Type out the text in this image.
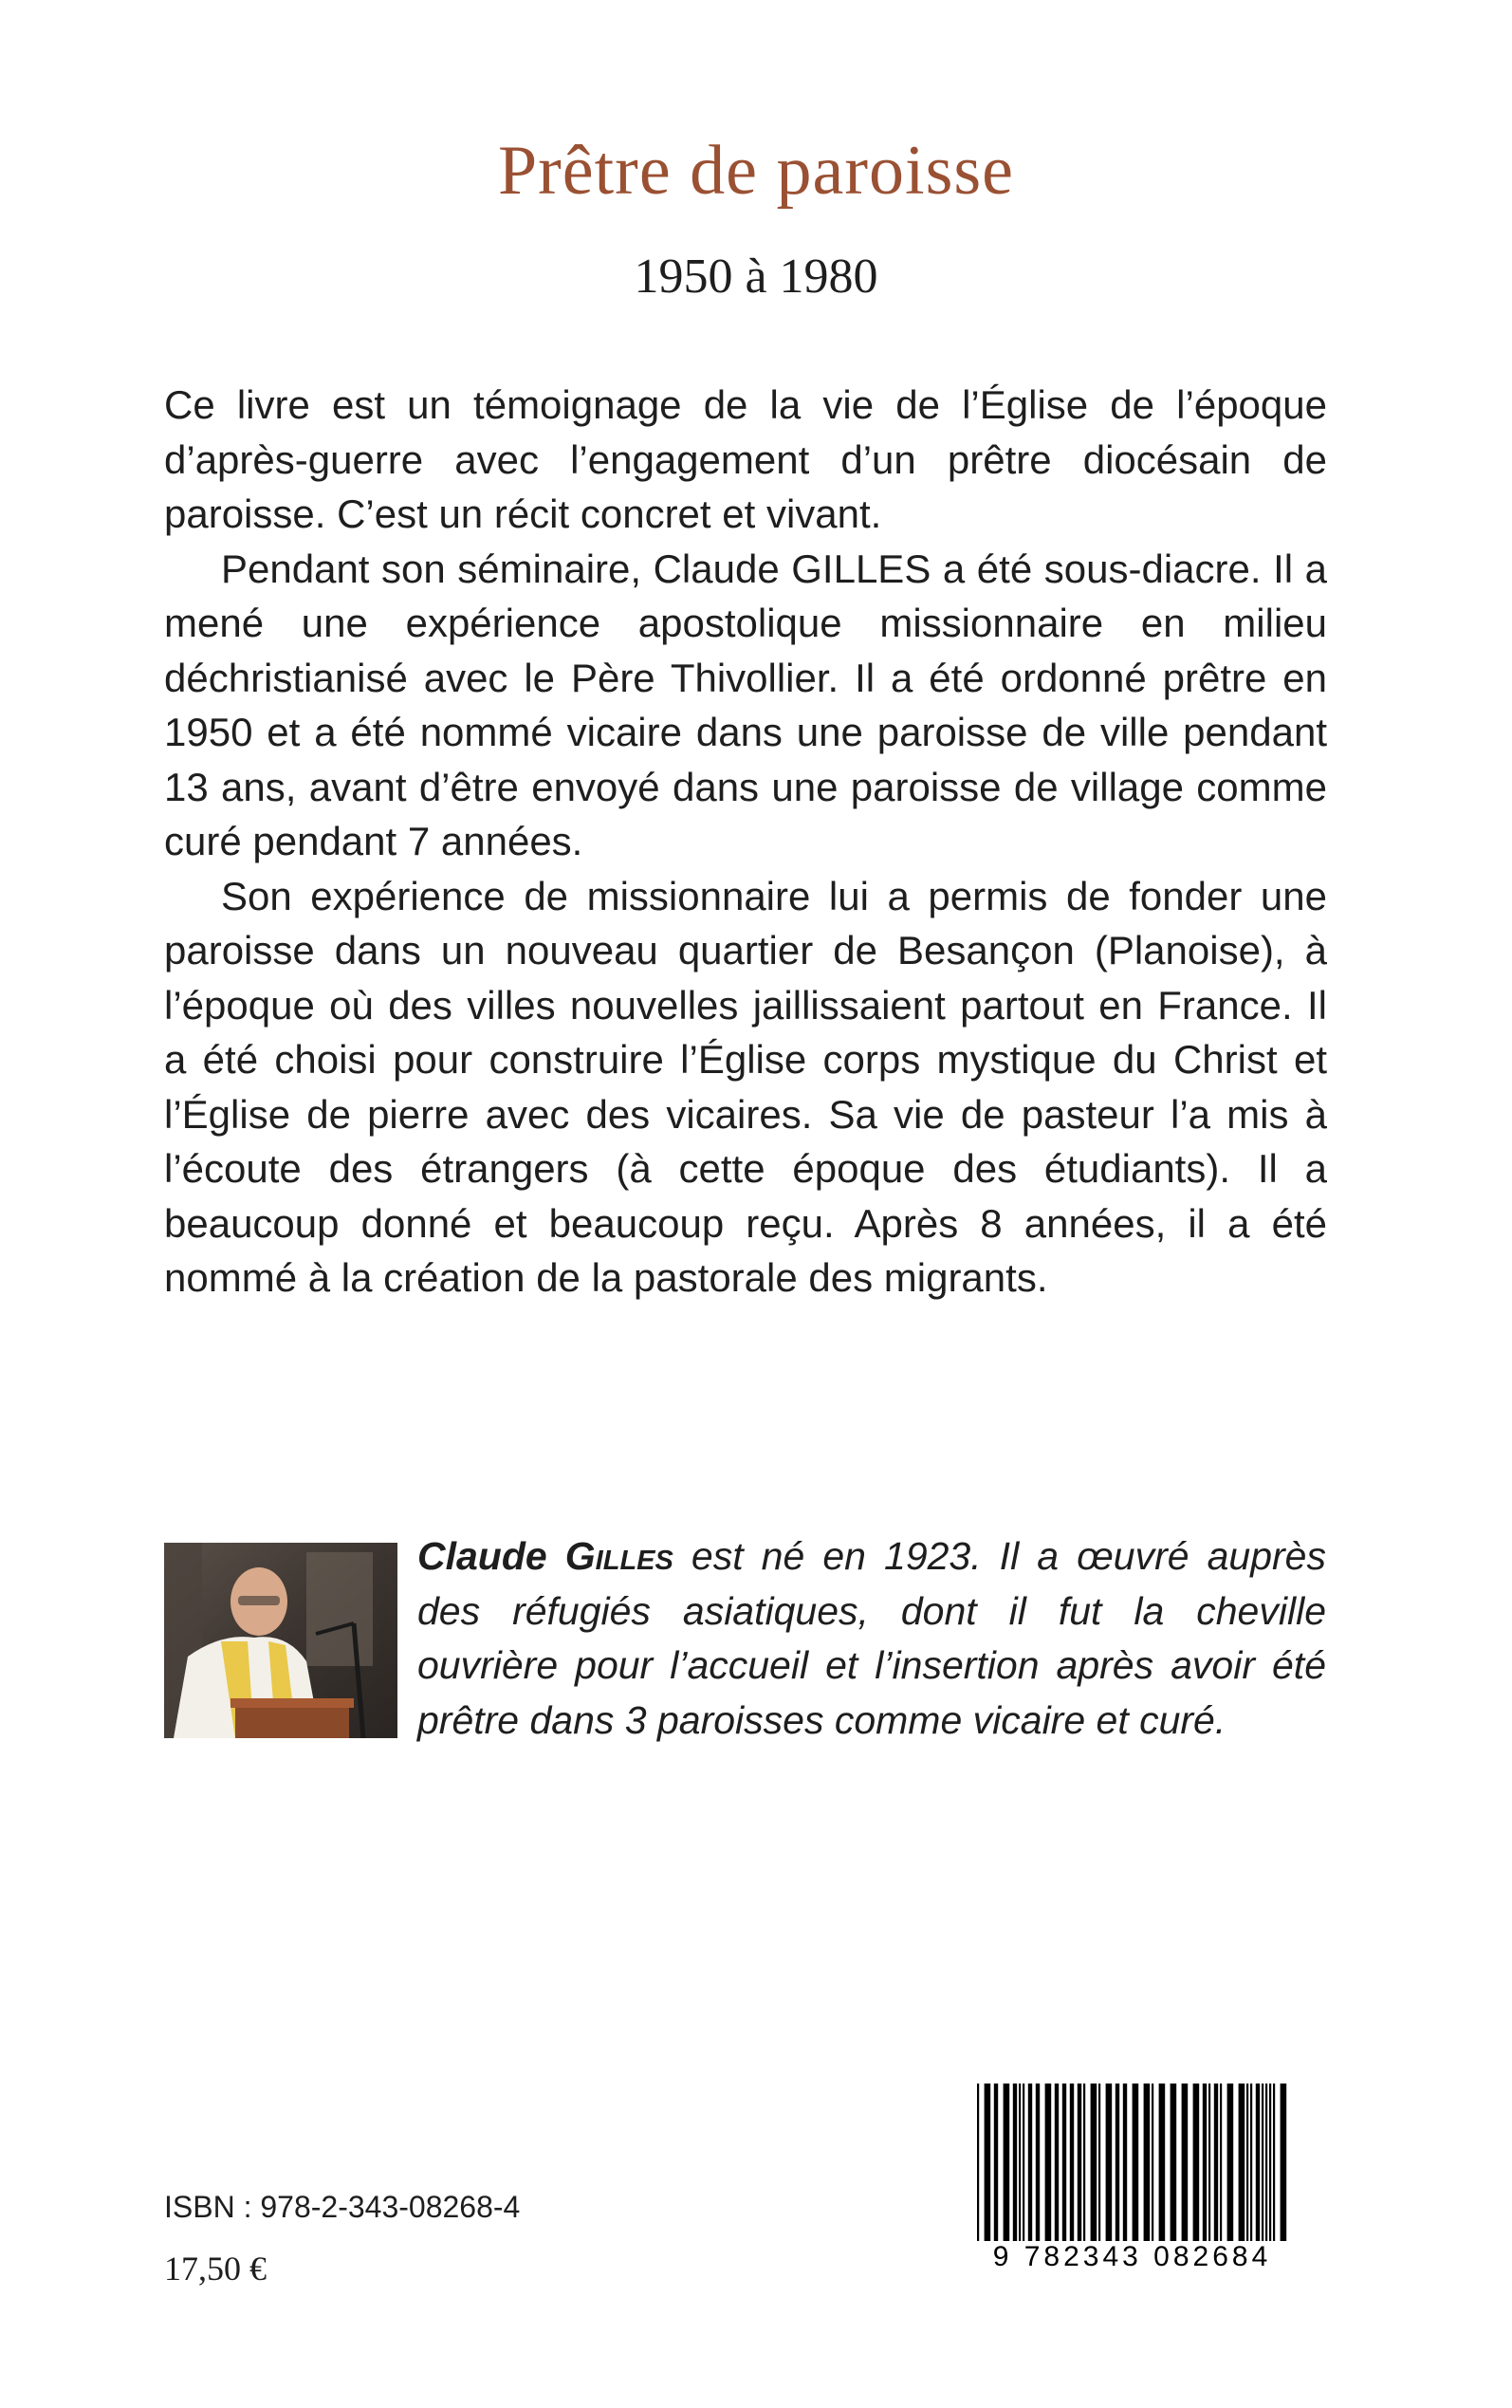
Prêtre de paroisse
1950 à 1980

Ce livre est un témoignage de la vie de l’Église de l’époque d’après-guerre avec l’engagement d’un prêtre diocésain de paroisse. C’est un récit concret et vivant.

Pendant son séminaire, Claude GILLES a été sous-diacre. Il a mené une expérience apostolique missionnaire en milieu déchristianisé avec le Père Thivollier. Il a été ordonné prêtre en 1950 et a été nommé vicaire dans une paroisse de ville pendant 13 ans, avant d’être envoyé dans une paroisse de village comme curé pendant 7 années.

Son expérience de missionnaire lui a permis de fonder une paroisse dans un nouveau quartier de Besançon (Planoise), à l’époque où des villes nouvelles jaillissaient partout en France. Il a été choisi pour construire l’Église corps mystique du Christ et l’Église de pierre avec des vicaires. Sa vie de pasteur l’a mis à l’écoute des étrangers (à cette époque des étudiants). Il a beaucoup donné et beaucoup reçu. Après 8 années, il a été nommé à la création de la pastorale des migrants.

Claude Gilles est né en 1923. Il a œuvré auprès des réfugiés asiatiques, dont il fut la cheville ouvrière pour l’accueil et l’insertion après avoir été prêtre dans 3 paroisses comme vicaire et curé.
ISBN : 978-2-343-08268-4
17,50 €	9 782343 082684
